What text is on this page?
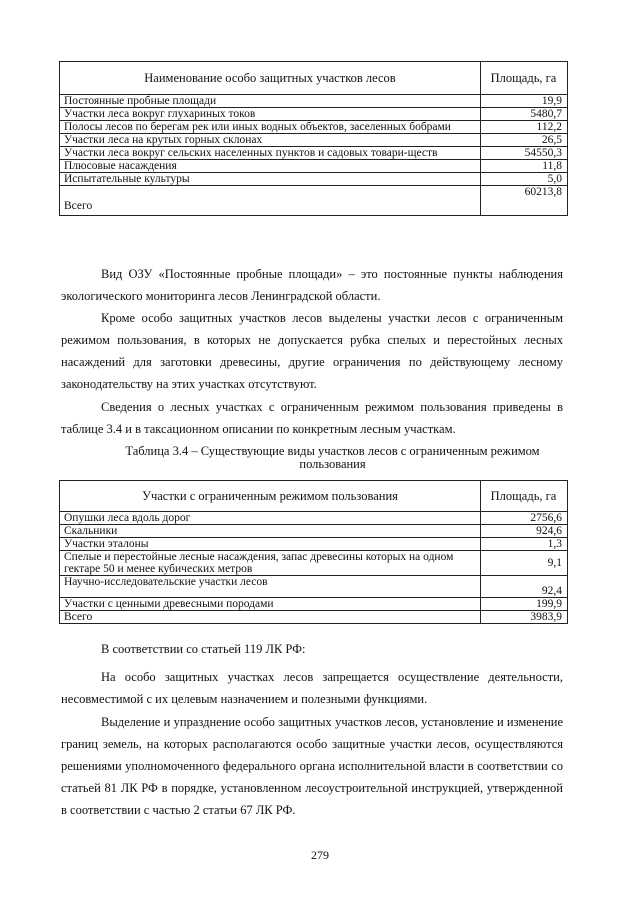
Наименование особо защитных участков лесов	Площадь, га
Постоянные пробные площади	19,9
Участки леса вокруг глухариных токов	5480,7
Полосы лесов по берегам рек или иных водных объектов, заселенных бобрами	112,2
Участки леса на крутых горных склонах	26,5
Участки леса вокруг сельских населенных пунктов и садовых товари-ществ	54550,3
Плюсовые насаждения	11,8
Испытательные культуры	5,0
Всего	60213,8

Вид ОЗУ «Постоянные пробные площади» – это постоянные пункты наблюдения экологического мониторинга лесов Ленинградской области.

Кроме особо защитных участков лесов выделены участки лесов с ограниченным режимом пользования, в которых не допускается рубка спелых и перестойных лесных насаждений для заготовки древесины, другие ограничения по действующему лесному законодательству на этих участках отсутствуют.

Сведения о лесных участках с ограниченным режимом пользования приведены в таблице 3.4 и в таксационном описании по конкретным лесным участкам.

Таблица 3.4 – Существующие виды участков лесов с ограниченным режимом пользования

Участки с ограниченным режимом пользования	Площадь, га
Опушки леса вдоль дорог	2756,6
Скальники	924,6
Участки эталоны	1,3
Спелые и перестойные лесные насаждения, запас древесины которых на одном гектаре 50 и менее кубических метров	9,1
Научно-исследовательские участки лесов	92,4
Участки с ценными древесными породами	199,9
Всего	3983,9

В соответствии со статьей 119 ЛК РФ:

На особо защитных участках лесов запрещается осуществление деятельности, несовместимой с их целевым назначением и полезными функциями.

Выделение и упразднение особо защитных участков лесов, установление и изменение границ земель, на которых располагаются особо защитные участки лесов, осуществляются решениями уполномоченного федерального органа исполнительной власти в соответствии со статьей 81 ЛК РФ в порядке, установленном лесоустроительной инструкцией, утвержденной в соответствии с частью 2 статьи 67 ЛК РФ.

279
